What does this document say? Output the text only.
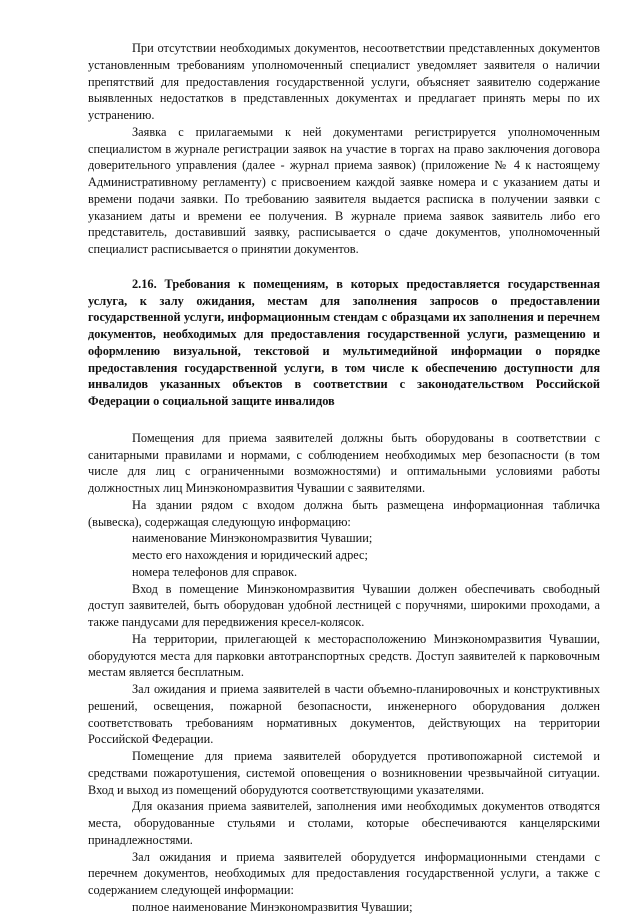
При отсутствии необходимых документов, несоответствии представленных документов установленным требованиям уполномоченный специалист уведомляет заявителя о наличии препятствий для предоставления государственной услуги, объясняет заявителю содержание выявленных недостатков в представленных документах и предлагает принять меры по их устранению.

Заявка с прилагаемыми к ней документами регистрируется уполномоченным специалистом в журнале регистрации заявок на участие в торгах на право заключения договора доверительного управления (далее - журнал приема заявок) (приложение № 4 к настоящему Административному регламенту) с присвоением каждой заявке номера и с указанием даты и времени подачи заявки. По требованию заявителя выдается расписка в получении заявки с указанием даты и времени ее получения. В журнале приема заявок заявитель либо его представитель, доставивший заявку, расписывается о сдаче документов, уполномоченный специалист расписывается о принятии документов.

2.16. Требования к помещениям, в которых предоставляется государственная услуга, к залу ожидания, местам для заполнения запросов о предоставлении государственной услуги, информационным стендам с образцами их заполнения и перечнем документов, необходимых для предоставления государственной услуги, размещению и оформлению визуальной, текстовой и мультимедийной информации о порядке предоставления государственной услуги, в том числе к обеспечению доступности для инвалидов указанных объектов в соответствии с законодательством Российской Федерации о социальной защите инвалидов

Помещения для приема заявителей должны быть оборудованы в соответствии с санитарными правилами и нормами, с соблюдением необходимых мер безопасности (в том числе для лиц с ограниченными возможностями) и оптимальными условиями работы должностных лиц Минэкономразвития Чувашии с заявителями.

На здании рядом с входом должна быть размещена информационная табличка (вывеска), содержащая следующую информацию:

наименование Минэкономразвития Чувашии;

место его нахождения и юридический адрес;

номера телефонов для справок.

Вход в помещение Минэкономразвития Чувашии должен обеспечивать свободный доступ заявителей, быть оборудован удобной лестницей с поручнями, широкими проходами, а также пандусами для передвижения кресел-колясок.

На территории, прилегающей к месторасположению Минэкономразвития Чувашии, оборудуются места для парковки автотранспортных средств. Доступ заявителей к парковочным местам является бесплатным.

Зал ожидания и приема заявителей в части объемно-планировочных и конструктивных решений, освещения, пожарной безопасности, инженерного оборудования должен соответствовать требованиям нормативных документов, действующих на территории Российской Федерации.

Помещение для приема заявителей оборудуется противопожарной системой и средствами пожаротушения, системой оповещения о возникновении чрезвычайной ситуации. Вход и выход из помещений оборудуются соответствующими указателями.

Для оказания приема заявителей, заполнения ими необходимых документов отводятся места, оборудованные стульями и столами, которые обеспечиваются канцелярскими принадлежностями.

Зал ожидания и приема заявителей оборудуется информационными стендами с перечнем документов, необходимых для предоставления государственной услуги, а также с содержанием следующей информации:

полное наименование Минэкономразвития Чувашии;
